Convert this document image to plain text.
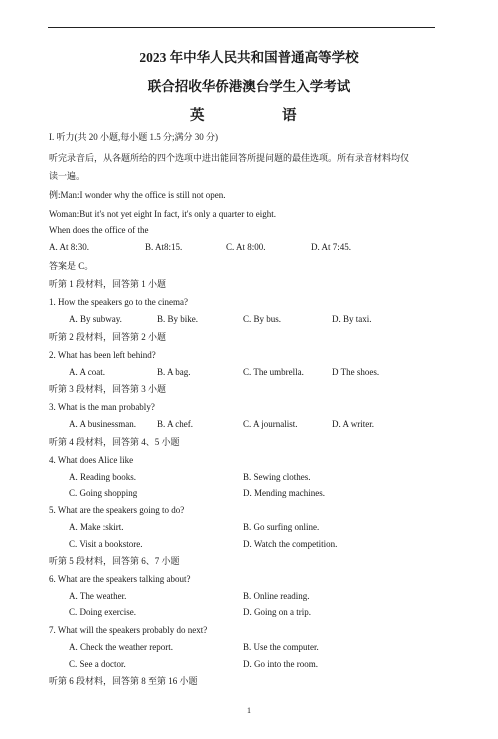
2023 年中华人民共和国普通高等学校
联合招收华侨港澳台学生入学考试
英	语
I. 听力(共 20 小题,每小题 1.5 分;满分 30 分)
听完录音后，从各题所给的四个选项中进出能回答所提问题的最佳选项。所有录音材料均仅
读一遍。
例:Man:I wonder why the office is still not open.
Woman:But it's not yet eight In fact, it's only a quarter to eight.
When does the office of the
A. At 8:30.	B. At8:15.	C. At 8:00.	D. At 7:45.
答案是 C。
听第 1 段材料，回答第 1 小题
1. How the speakers go to the cinema?
A. By subway.	B. By bike.	C. By bus.	D. By taxi.
听第 2 段材料，回答第 2 小题
2. What has been left behind?
A. A coat.	B. A bag.	C. The umbrella.	D The shoes.
听第 3 段材料，回答第 3 小题
3. What is the man probably?
A. A businessman. B. A chef.	C. A journalist.	D. A writer.
听第 4 段材料，回答第 4、5 小题
4. What does Alice like
A. Reading books.	B. Sewing clothes.
C. Going shopping	D. Mending machines.
5. What are the speakers going to do?
A. Make :skirt.	B. Go surfing online.
C. Visit a bookstore.	D. Watch the competition.
听第 5 段材料，回答第 6、7 小题
6. What are the speakers talking about?
A. The weather.	B. Online reading.
C. Doing exercise.	D. Going on a trip.
7. What will the speakers probably do next?
A. Check the weather report.	B. Use the computer.
C. See a doctor.	D. Go into the room.
听第 6 段材料，回答第 8 至第 16 小题
1
